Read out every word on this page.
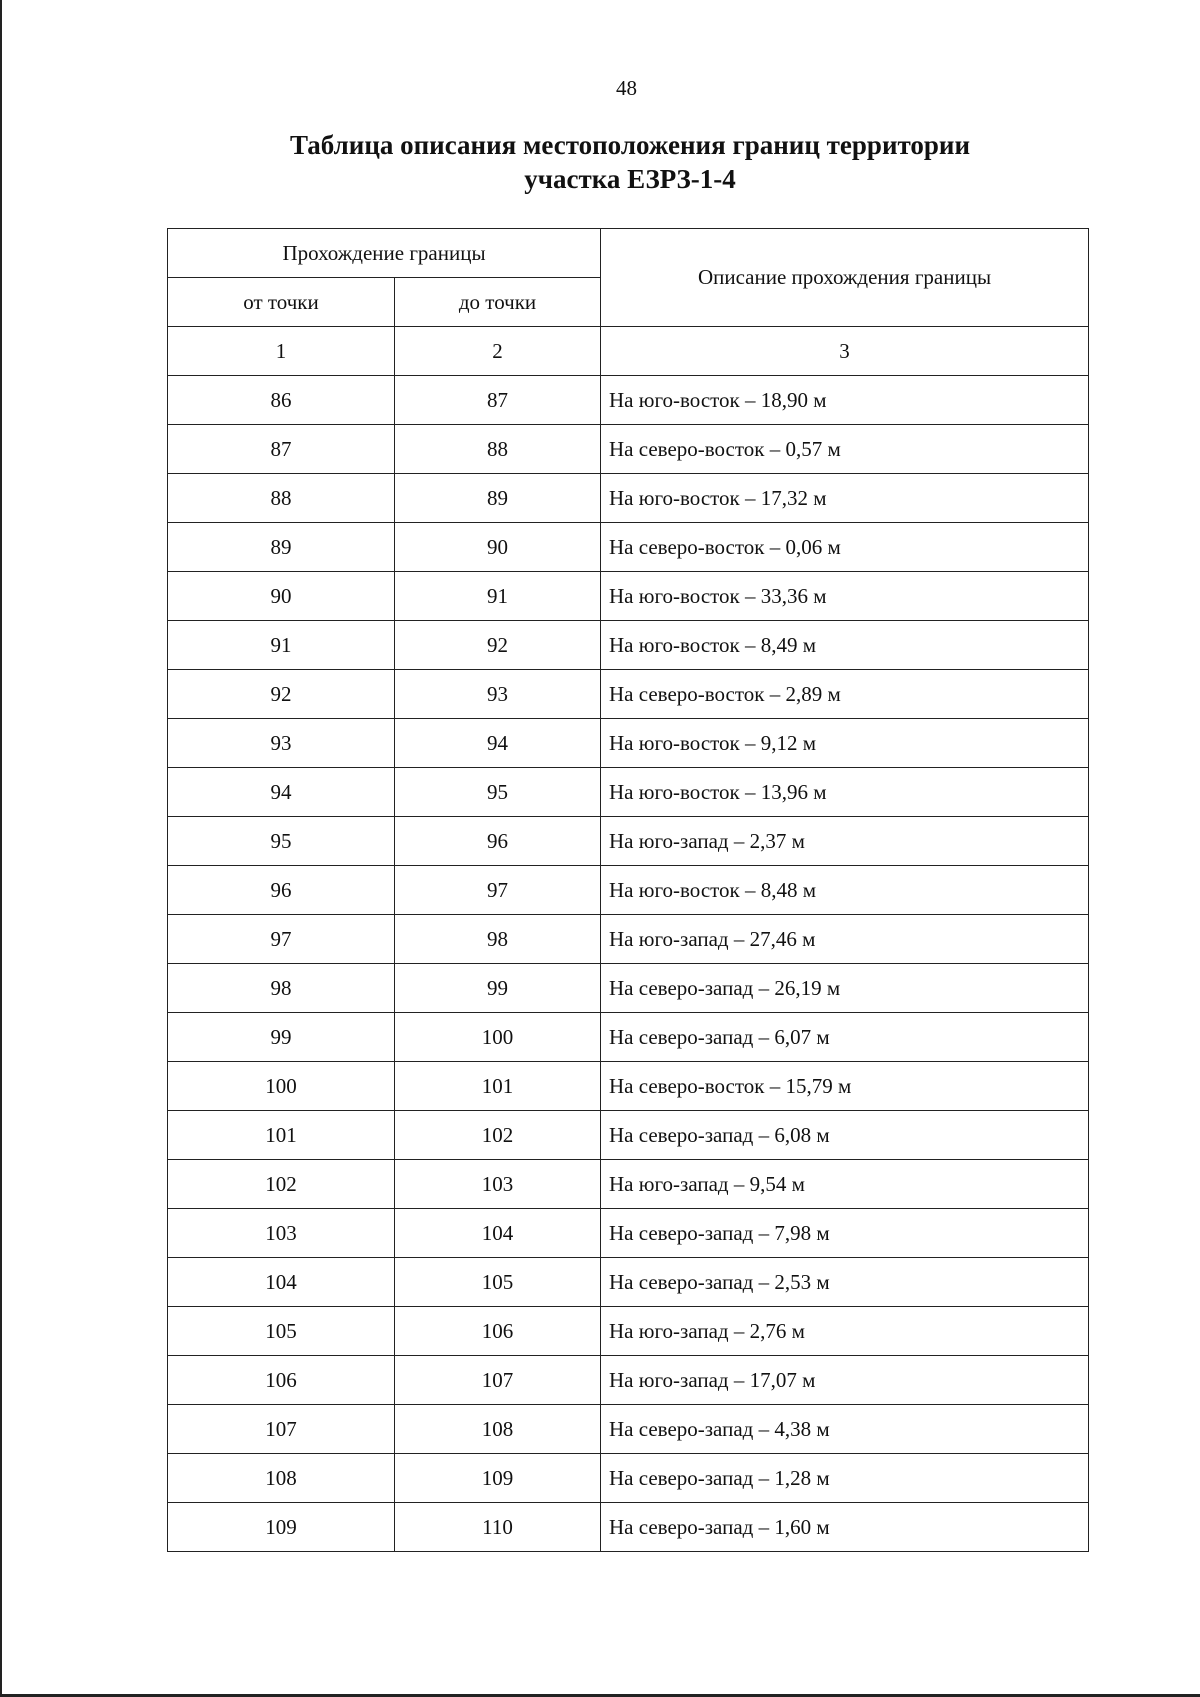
48
Таблица описания местоположения границ территории
участка ЕЗРЗ-1-4
Прохождение границы		Описание прохождения границы
от точки	до точки	
1	2	3
86	87	На юго-восток – 18,90 м
87	88	На северо-восток – 0,57 м
88	89	На юго-восток – 17,32 м
89	90	На северо-восток – 0,06 м
90	91	На юго-восток – 33,36 м
91	92	На юго-восток – 8,49 м
92	93	На северо-восток – 2,89 м
93	94	На юго-восток – 9,12 м
94	95	На юго-восток – 13,96 м
95	96	На юго-запад – 2,37 м
96	97	На юго-восток – 8,48 м
97	98	На юго-запад – 27,46 м
98	99	На северо-запад – 26,19 м
99	100	На северо-запад – 6,07 м
100	101	На северо-восток – 15,79 м
101	102	На северо-запад – 6,08 м
102	103	На юго-запад – 9,54 м
103	104	На северо-запад – 7,98 м
104	105	На северо-запад – 2,53 м
105	106	На юго-запад – 2,76 м
106	107	На юго-запад – 17,07 м
107	108	На северо-запад – 4,38 м
108	109	На северо-запад – 1,28 м
109	110	На северо-запад – 1,60 м
